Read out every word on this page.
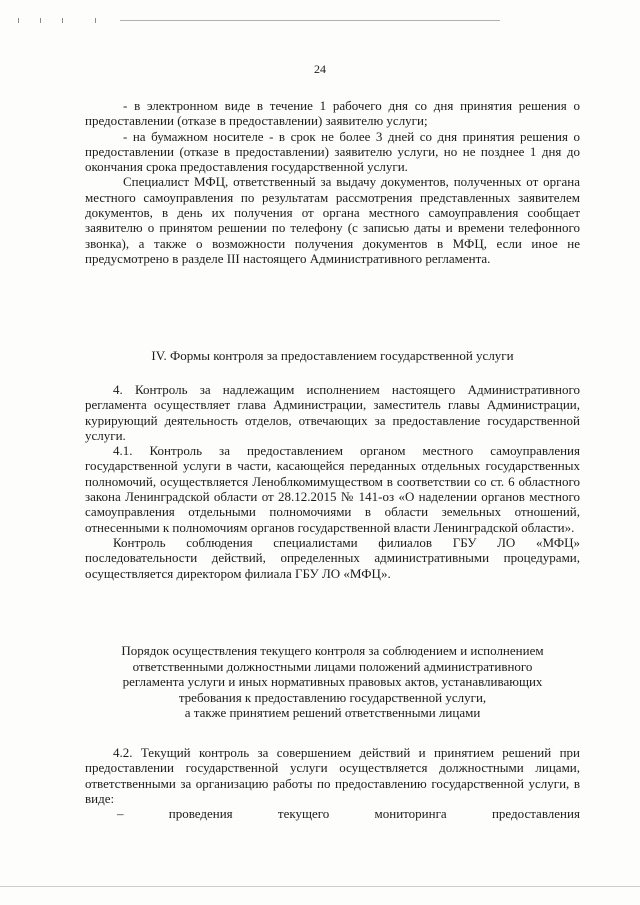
24

- в электронном виде в течение 1 рабочего дня со дня принятия решения о предоставлении (отказе в предоставлении) заявителю услуги;

- на бумажном носителе - в срок не более 3 дней со дня принятия решения о предоставлении (отказе в предоставлении) заявителю услуги, но не позднее 1 дня до окончания срока предоставления государственной услуги.

Специалист МФЦ, ответственный за выдачу документов, полученных от органа местного самоуправления по результатам рассмотрения представленных заявителем документов, в день их получения от органа местного самоуправления сообщает заявителю о принятом решении по телефону (с записью даты и времени телефонного звонка), а также о возможности получения документов в МФЦ, если иное не предусмотрено в разделе III настоящего Административного регламента.

IV. Формы контроля за предоставлением государственной услуги

4. Контроль за надлежащим исполнением настоящего Административного регламента осуществляет глава Администрации, заместитель главы Администрации, курирующий деятельность отделов, отвечающих за предоставление государственной услуги.

4.1. Контроль за предоставлением органом местного самоуправления государственной услуги в части, касающейся переданных отдельных государственных полномочий, осуществляется Леноблкомимуществом в соответствии со ст. 6 областного закона Ленинградской области от 28.12.2015 № 141-оз «О наделении органов местного самоуправления отдельными полномочиями в области земельных отношений, отнесенными к полномочиям органов государственной власти Ленинградской области».

Контроль соблюдения специалистами филиалов ГБУ ЛО «МФЦ» последовательности действий, определенных административными процедурами, осуществляется директором филиала ГБУ ЛО «МФЦ».

Порядок осуществления текущего контроля за соблюдением и исполнением

ответственными должностными лицами положений административного

регламента услуги и иных нормативных правовых актов, устанавливающих

требования к предоставлению государственной услуги,

а также принятием решений ответственными лицами

4.2. Текущий контроль за совершением действий и принятием решений при предоставлении государственной услуги осуществляется должностными лицами, ответственными за организацию работы по предоставлению государственной услуги, в виде:

–	проведения	текущего	мониторинга	предоставления
